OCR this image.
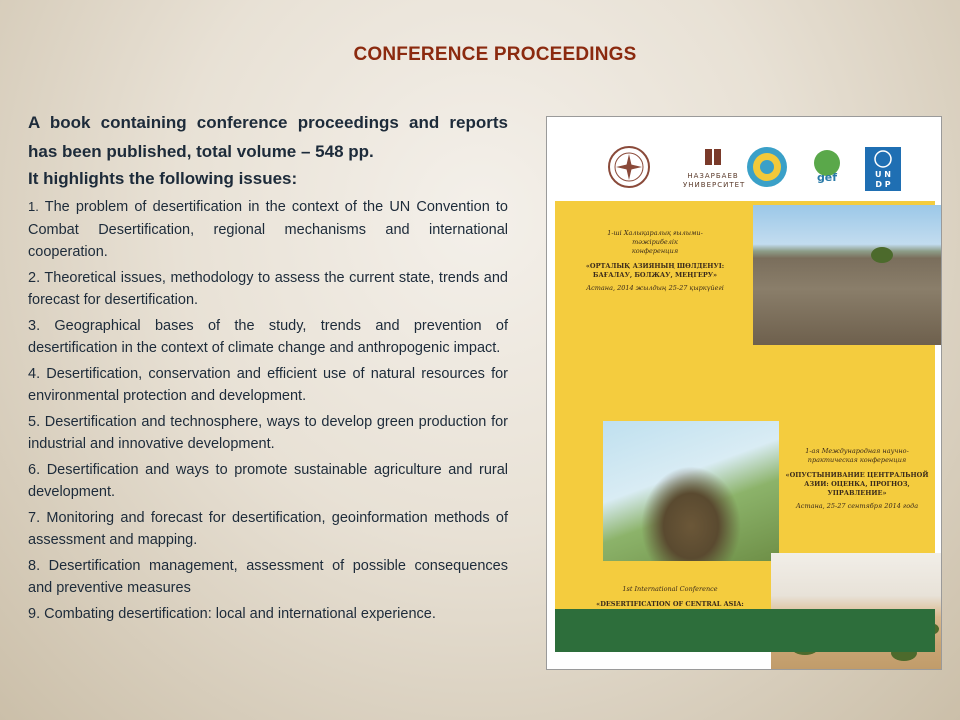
CONFERENCE PROCEEDINGS

A book containing conference proceedings and reports has been published, total volume – 548 pp.

It highlights the following issues:

1. The problem of desertification in the context of the UN Convention to Combat Desertification, regional mechanisms and international cooperation.

2. Theoretical issues, methodology to assess the current state, trends and forecast for desertification.

3. Geographical bases of the study, trends and prevention of desertification in the context of climate change and anthropogenic impact.

4. Desertification, conservation and efficient use of natural resources for environmental protection and development.

5. Desertification and technosphere, ways to develop green production for industrial and innovative development.

6. Desertification and ways to promote sustainable agriculture and rural development.

7. Monitoring and forecast for desertification, geoinformation methods of assessment and mapping.

8. Desertification management, assessment of possible consequences and preventive measures

9. Combating desertification: local and international experience.

НАЗАРБАЕВ
УНИВЕРСИТЕТ
gef	U N
D P
1-ші Халықаралық ғылыми-тәжірибелік
конференция
«ОРТАЛЫҚ АЗИЯНЫҢ ШӨЛДЕНУІ: БАҒАЛАУ, БОЛЖАУ, МЕҢГЕРУ»
Астана, 2014 жылдың 25-27 қыркүйегі
1-ая Международная научно-
практическая конференция
«ОПУСТЫНИВАНИЕ ЦЕНТРАЛЬНОЙ АЗИИ: ОЦЕНКА, ПРОГНОЗ, УПРАВЛЕНИЕ»
Астана, 25-27 сентября 2014 года
1st International Conference
«DESERTIFICATION OF CENTRAL ASIA:
